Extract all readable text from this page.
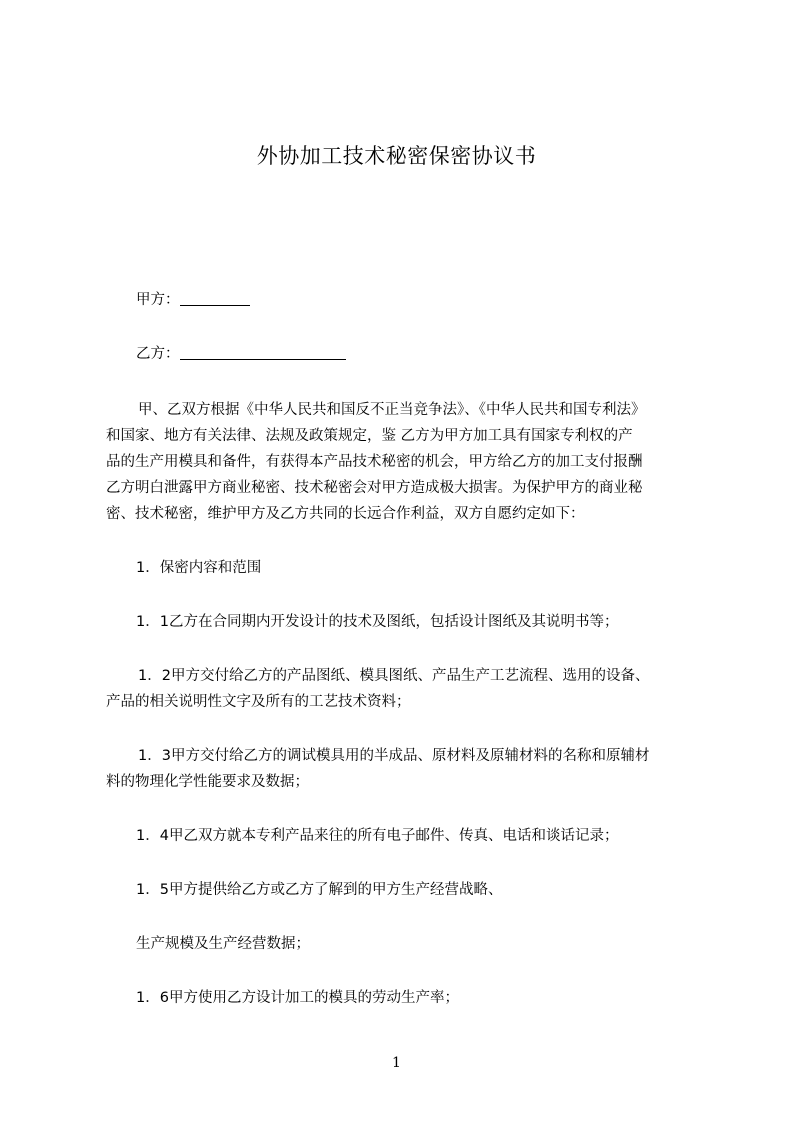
外协加工技术秘密保密协议书
甲方：
乙方：
甲、乙双方根据《中华人民共和国反不正当竞争法》、《中华人民共和国专利法》
和国家、地方有关法律、法规及政策规定，鉴 乙方为甲方加工具有国家专利权的产
品的生产用模具和备件，有获得本产品技术秘密的机会，甲方给乙方的加工支付报酬
乙方明白泄露甲方商业秘密、技术秘密会对甲方造成极大损害。为保护甲方的商业秘
密、技术秘密，维护甲方及乙方共同的长远合作利益，双方自愿约定如下：
1．保密内容和范围
1．1乙方在合同期内开发设计的技术及图纸，包括设计图纸及其说明书等；
1．2甲方交付给乙方的产品图纸、模具图纸、产品生产工艺流程、选用的设备、
产品的相关说明性文字及所有的工艺技术资料；
1．3甲方交付给乙方的调试模具用的半成品、原材料及原辅材料的名称和原辅材
料的物理化学性能要求及数据；
1．4甲乙双方就本专利产品来往的所有电子邮件、传真、电话和谈话记录；
1．5甲方提供给乙方或乙方了解到的甲方生产经营战略、
生产规模及生产经营数据；
1．6甲方使用乙方设计加工的模具的劳动生产率；
1
